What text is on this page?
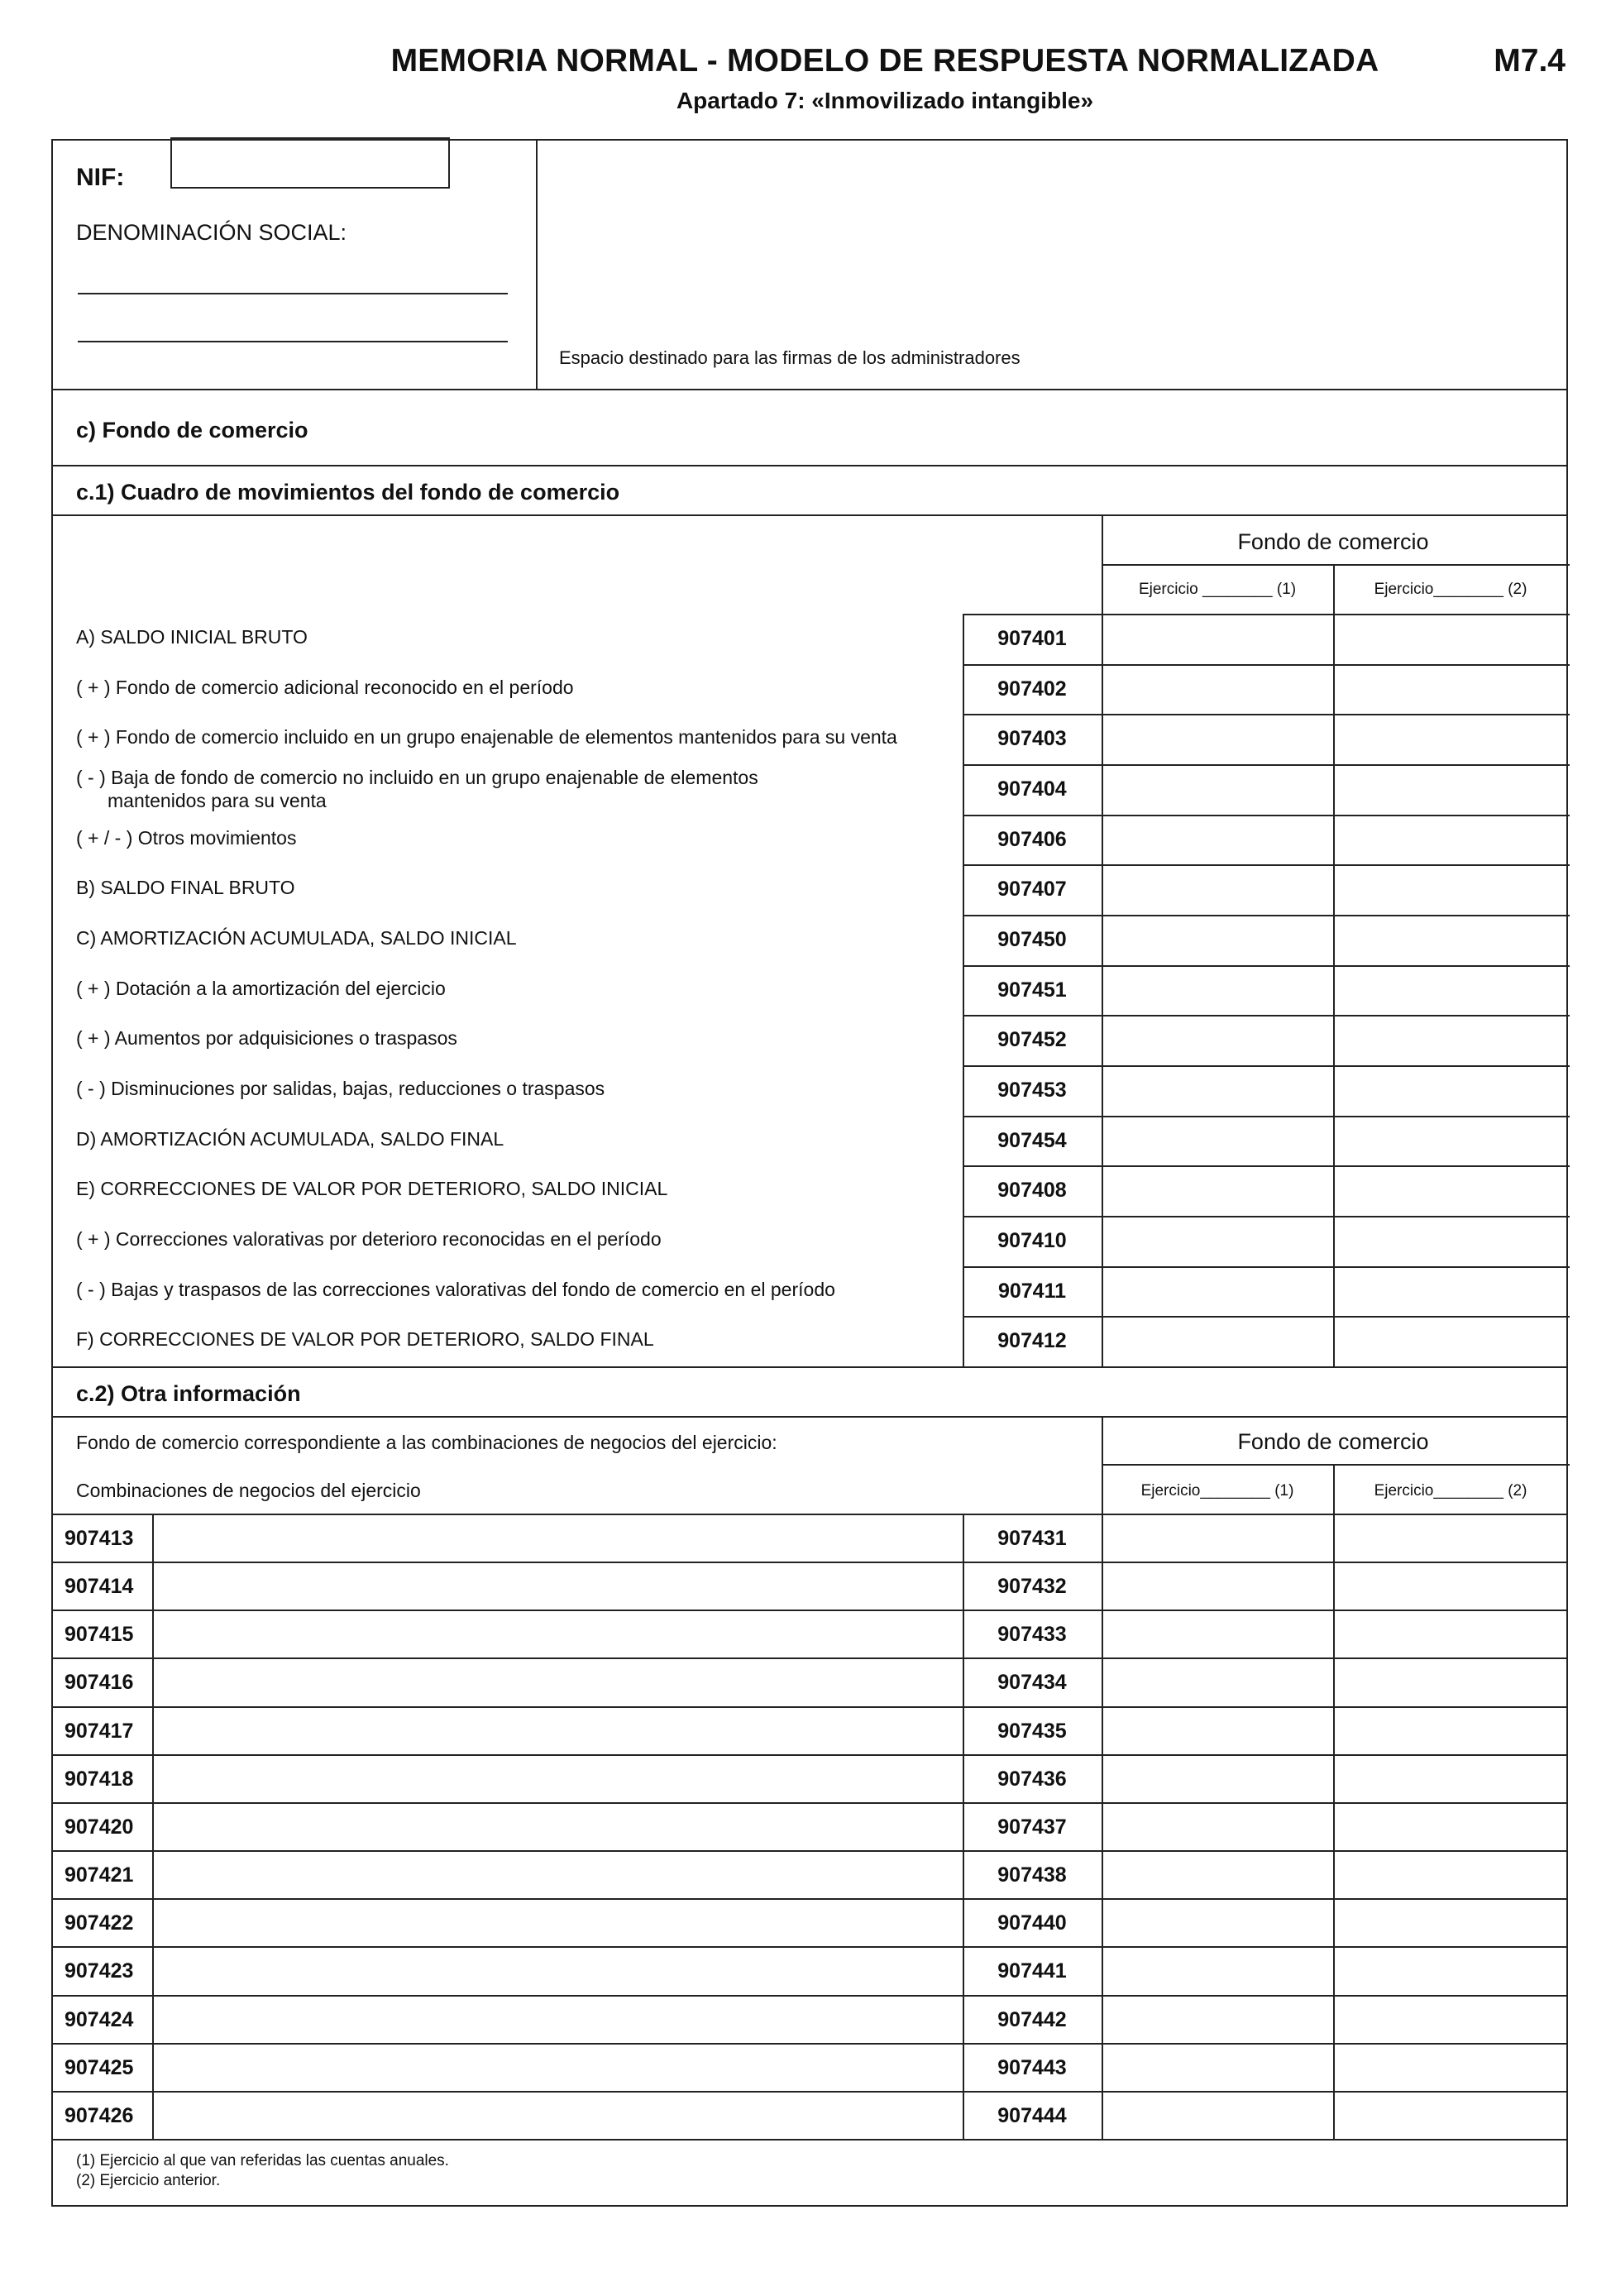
MEMORIA NORMAL - MODELO DE RESPUESTA NORMALIZADA
Apartado 7: «Inmovilizado intangible»
M7.4
NIF:
DENOMINACIÓN SOCIAL:
Espacio destinado para las firmas de los administradores
c) Fondo de comercio
c.1) Cuadro de movimientos del fondo de comercio
Fondo de comercio
Ejercicio ________ (1)	Ejercicio________ (2)
A) SALDO INICIAL BRUTO	907401
( + ) Fondo de comercio adicional reconocido en el período	907402
( + ) Fondo de comercio incluido en un grupo enajenable de elementos mantenidos para su venta	907403
( - ) Baja de fondo de comercio no incluido en un grupo enajenable de elementos
mantenidos para su venta	907404
( + / - ) Otros movimientos	907406
B) SALDO FINAL BRUTO	907407
C) AMORTIZACIÓN ACUMULADA, SALDO INICIAL	907450
( + ) Dotación a la amortización del ejercicio	907451
( + ) Aumentos por adquisiciones o traspasos	907452
( - ) Disminuciones por salidas, bajas, reducciones o traspasos	907453
D) AMORTIZACIÓN ACUMULADA, SALDO FINAL	907454
E) CORRECCIONES DE VALOR POR DETERIORO, SALDO INICIAL	907408
( + ) Correcciones valorativas por deterioro reconocidas en el período	907410
( - ) Bajas y traspasos de las correcciones valorativas del fondo de comercio en el período	907411
F) CORRECCIONES DE VALOR POR DETERIORO, SALDO FINAL	907412
c.2) Otra información
Fondo de comercio correspondiente a las combinaciones de negocios del ejercicio:
Combinaciones de negocios del ejercicio
Fondo de comercio
Ejercicio________ (1)	Ejercicio________ (2)
907413	907431
907414	907432
907415	907433
907416	907434
907417	907435
907418	907436
907420	907437
907421	907438
907422	907440
907423	907441
907424	907442
907425	907443
907426	907444
(1) Ejercicio al que van referidas las cuentas anuales.
(2) Ejercicio anterior.
